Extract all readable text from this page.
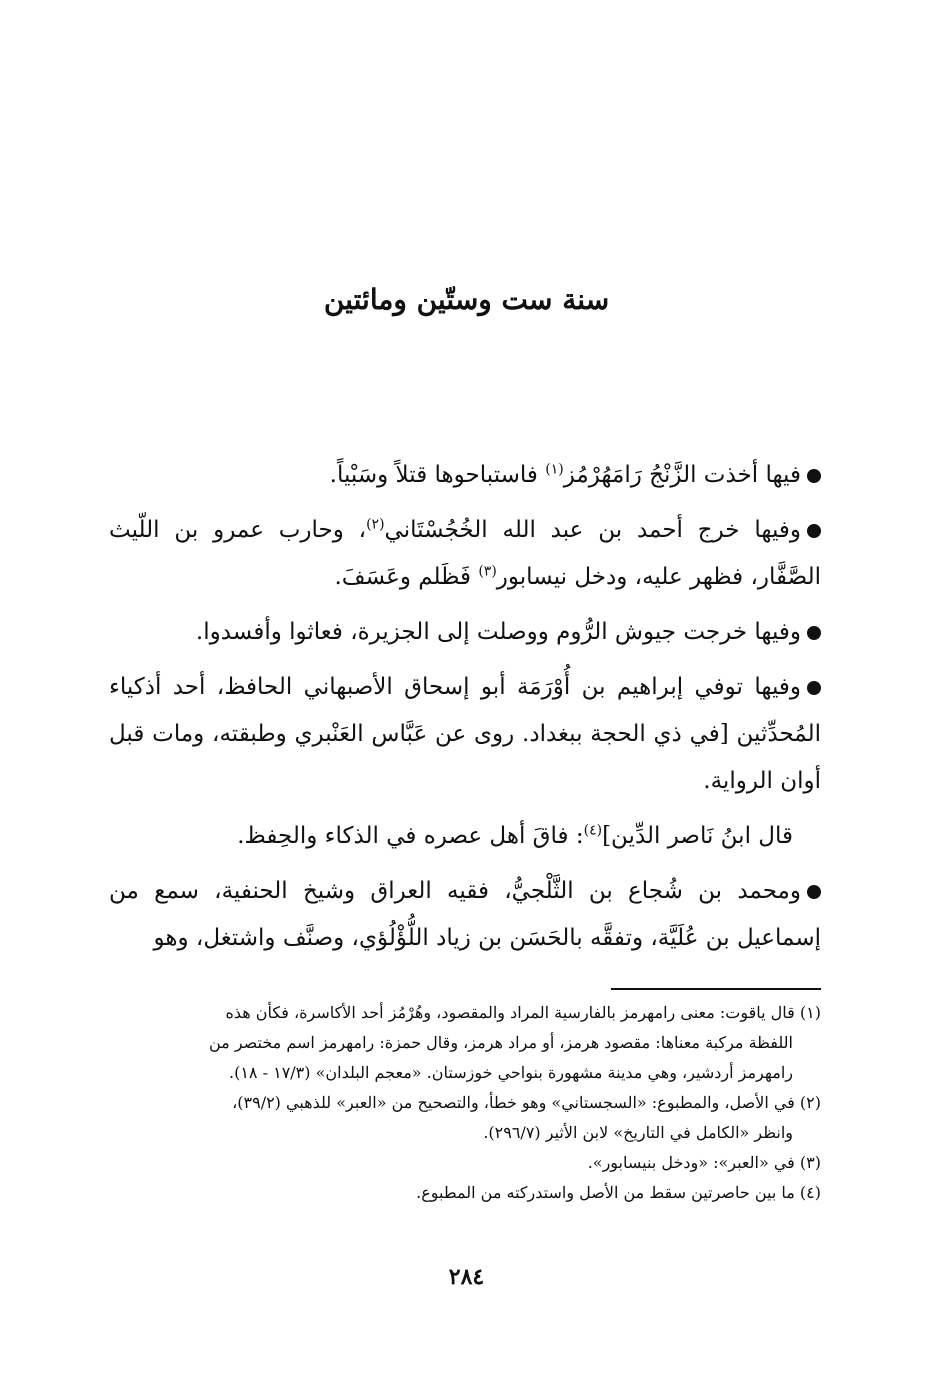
سنة ست وستّين ومائتين

فيها أخذت الزَّنْجُ رَامَهُرْمُز$^{(١)}$ فاستباحوها قتلاً وسَبْياً.

وفيها خرج أحمد بن عبد الله الخُجُسْتَاني$^{(٢)}$، وحارب عمرو بن اللّيث الصَّفَّار، فظهر عليه، ودخل نيسابور$^{(٣)}$ فَظَلم وعَسَفَ.

وفيها خرجت جيوش الرُّوم ووصلت إلى الجزيرة، فعاثوا وأفسدوا.

وفيها توفي إبراهيم بن أُوْرَمَة أبو إسحاق الأصبهاني الحافظ، أحد أذكياء المُحدِّثين [في ذي الحجة ببغداد. روى عن عَبَّاس العَنْبري وطبقته، ومات قبل أوان الرواية.

قال ابنُ نَاصر الدِّين]$^{(٤)}$: فاقَ أهل عصره في الذكاء والحِفظ.

ومحمد بن شُجاع بن الثَّلْجيُّ، فقيه العراق وشيخ الحنفية، سمع من إسماعيل بن عُلَيَّة، وتفقَّه بالحَسَن بن زياد اللُّؤْلُؤي، وصنَّف واشتغل، وهو

(١) قال ياقوت: معنى رامهرمز بالفارسية المراد والمقصود، وهُرْمُز أحد الأكاسرة، فكأن هذه

اللفظة مركبة معناها: مقصود هرمز، أو مراد هرمز، وقال حمزة: رامهرمز اسم مختصر من

رامهرمز أردشير، وهي مدينة مشهورة بنواحي خوزستان. «معجم البلدان» (١٧/٣ - ١٨).

(٢) في الأصل، والمطبوع: «السجستاني» وهو خطأ، والتصحيح من «العبر» للذهبي (٣٩/٢)،

وانظر «الكامل في التاريخ» لابن الأثير (٢٩٦/٧).

(٣) في «العبر»: «ودخل بنيسابور».

(٤) ما بين حاصرتين سقط من الأصل واستدركته من المطبوع.

٢٨٤
